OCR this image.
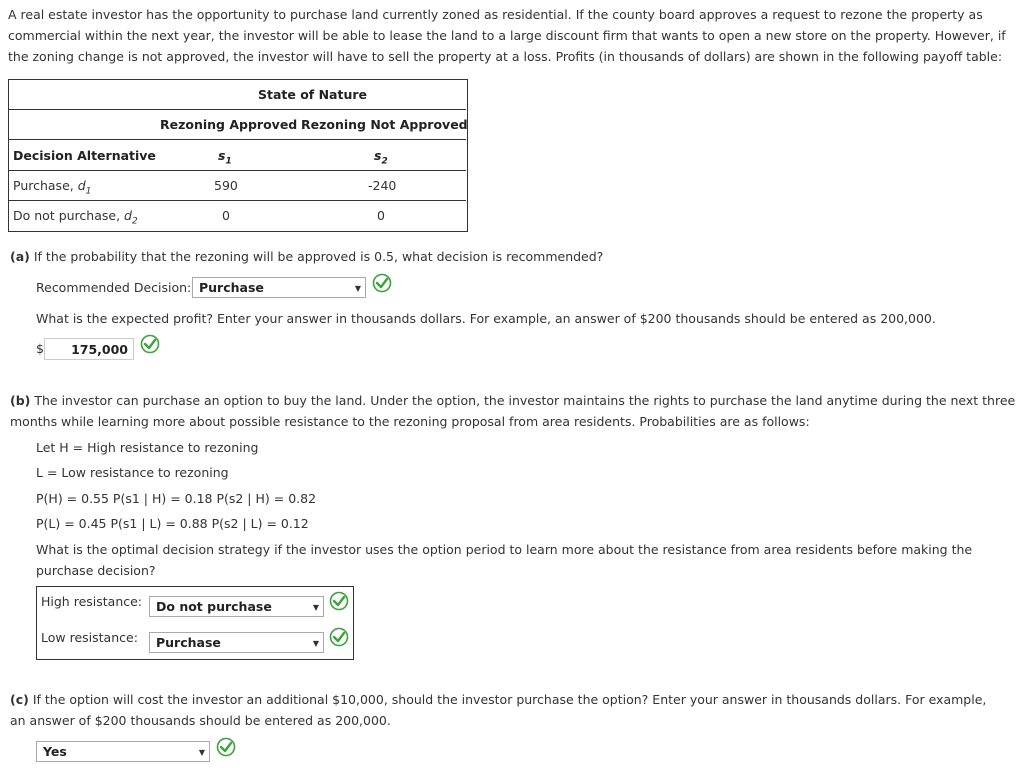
A real estate investor has the opportunity to purchase land currently zoned as residential. If the county board approves a request to rezone the property as commercial within the next year, the investor will be able to lease the land to a large discount firm that wants to open a new store on the property. However, if the zoning change is not approved, the investor will have to sell the property at a loss. Profits (in thousands of dollars) are shown in the following payoff table:

State of Nature
Rezoning Approved Rezoning Not Approved
Decision Alternative	$s_1$	$s_2$
Purchase, $d_1$	590	-240
Do not purchase, $d_2$	0	0
(a) If the probability that the rezoning will be approved is 0.5, what decision is recommended?
Recommended Decision: Purchase	▼
What is the expected profit? Enter your answer in thousands dollars. For example, an answer of $200 thousands should be entered as 200,000.
$	175,000
(b) The investor can purchase an option to buy the land. Under the option, the investor maintains the rights to purchase the land anytime during the next three months while learning more about possible resistance to the rezoning proposal from area residents. Probabilities are as follows:
Let H = High resistance to rezoning
L = Low resistance to rezoning
P(H) = 0.55 P(s1 | H) = 0.18 P(s2 | H) = 0.82
P(L) = 0.45 P(s1 | L) = 0.88 P(s2 | L) = 0.12
What is the optimal decision strategy if the investor uses the option period to learn more about the resistance from area residents before making the purchase decision?
High resistance:	Do not purchase	▼
Low resistance:	Purchase	▼
(c) If the option will cost the investor an additional $10,000, should the investor purchase the option? Enter your answer in thousands dollars. For example, an answer of $200 thousands should be entered as 200,000.
Yes	▼
